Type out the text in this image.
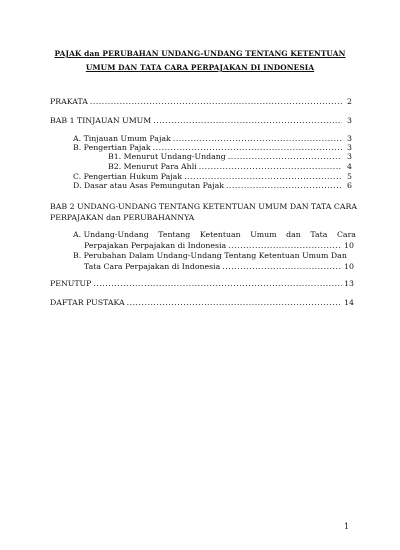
PAJAK dan PERUBAHAN UNDANG-UNDANG TENTANG KETENTUAN
UMUM DAN TATA CARA PERPAJAKAN DI INDONESIA
PRAKATA .....	2
BAB 1 TINJAUAN UMUM .....	3
A. Tinjauan Umum Pajak .....	3
B. Pengertian Pajak .....	3
B1. Menurut Undang-Undang .....	3
B2. Menurut Para Ahli .....	4
C. Pengertian Hukum Pajak .....	5
D. Dasar atau Asas Pemungutan Pajak .....	6
BAB 2 UNDANG-UNDANG TENTANG KETENTUAN UMUM DAN TATA CARA
PERPAJAKAN dan PERUBAHANNYA
A. Undang-Undang Tentang Ketentuan Umum dan Tata Cara
Perpajakan Perpajakan di Indonesia .....	10
B. Perubahan Dalam Undang-Undang Tentang Ketentuan Umum Dan
Tata Cara Perpajakan di Indonesia .....	10
PENUTUP .....	13
DAFTAR PUSTAKA .....	14
1
